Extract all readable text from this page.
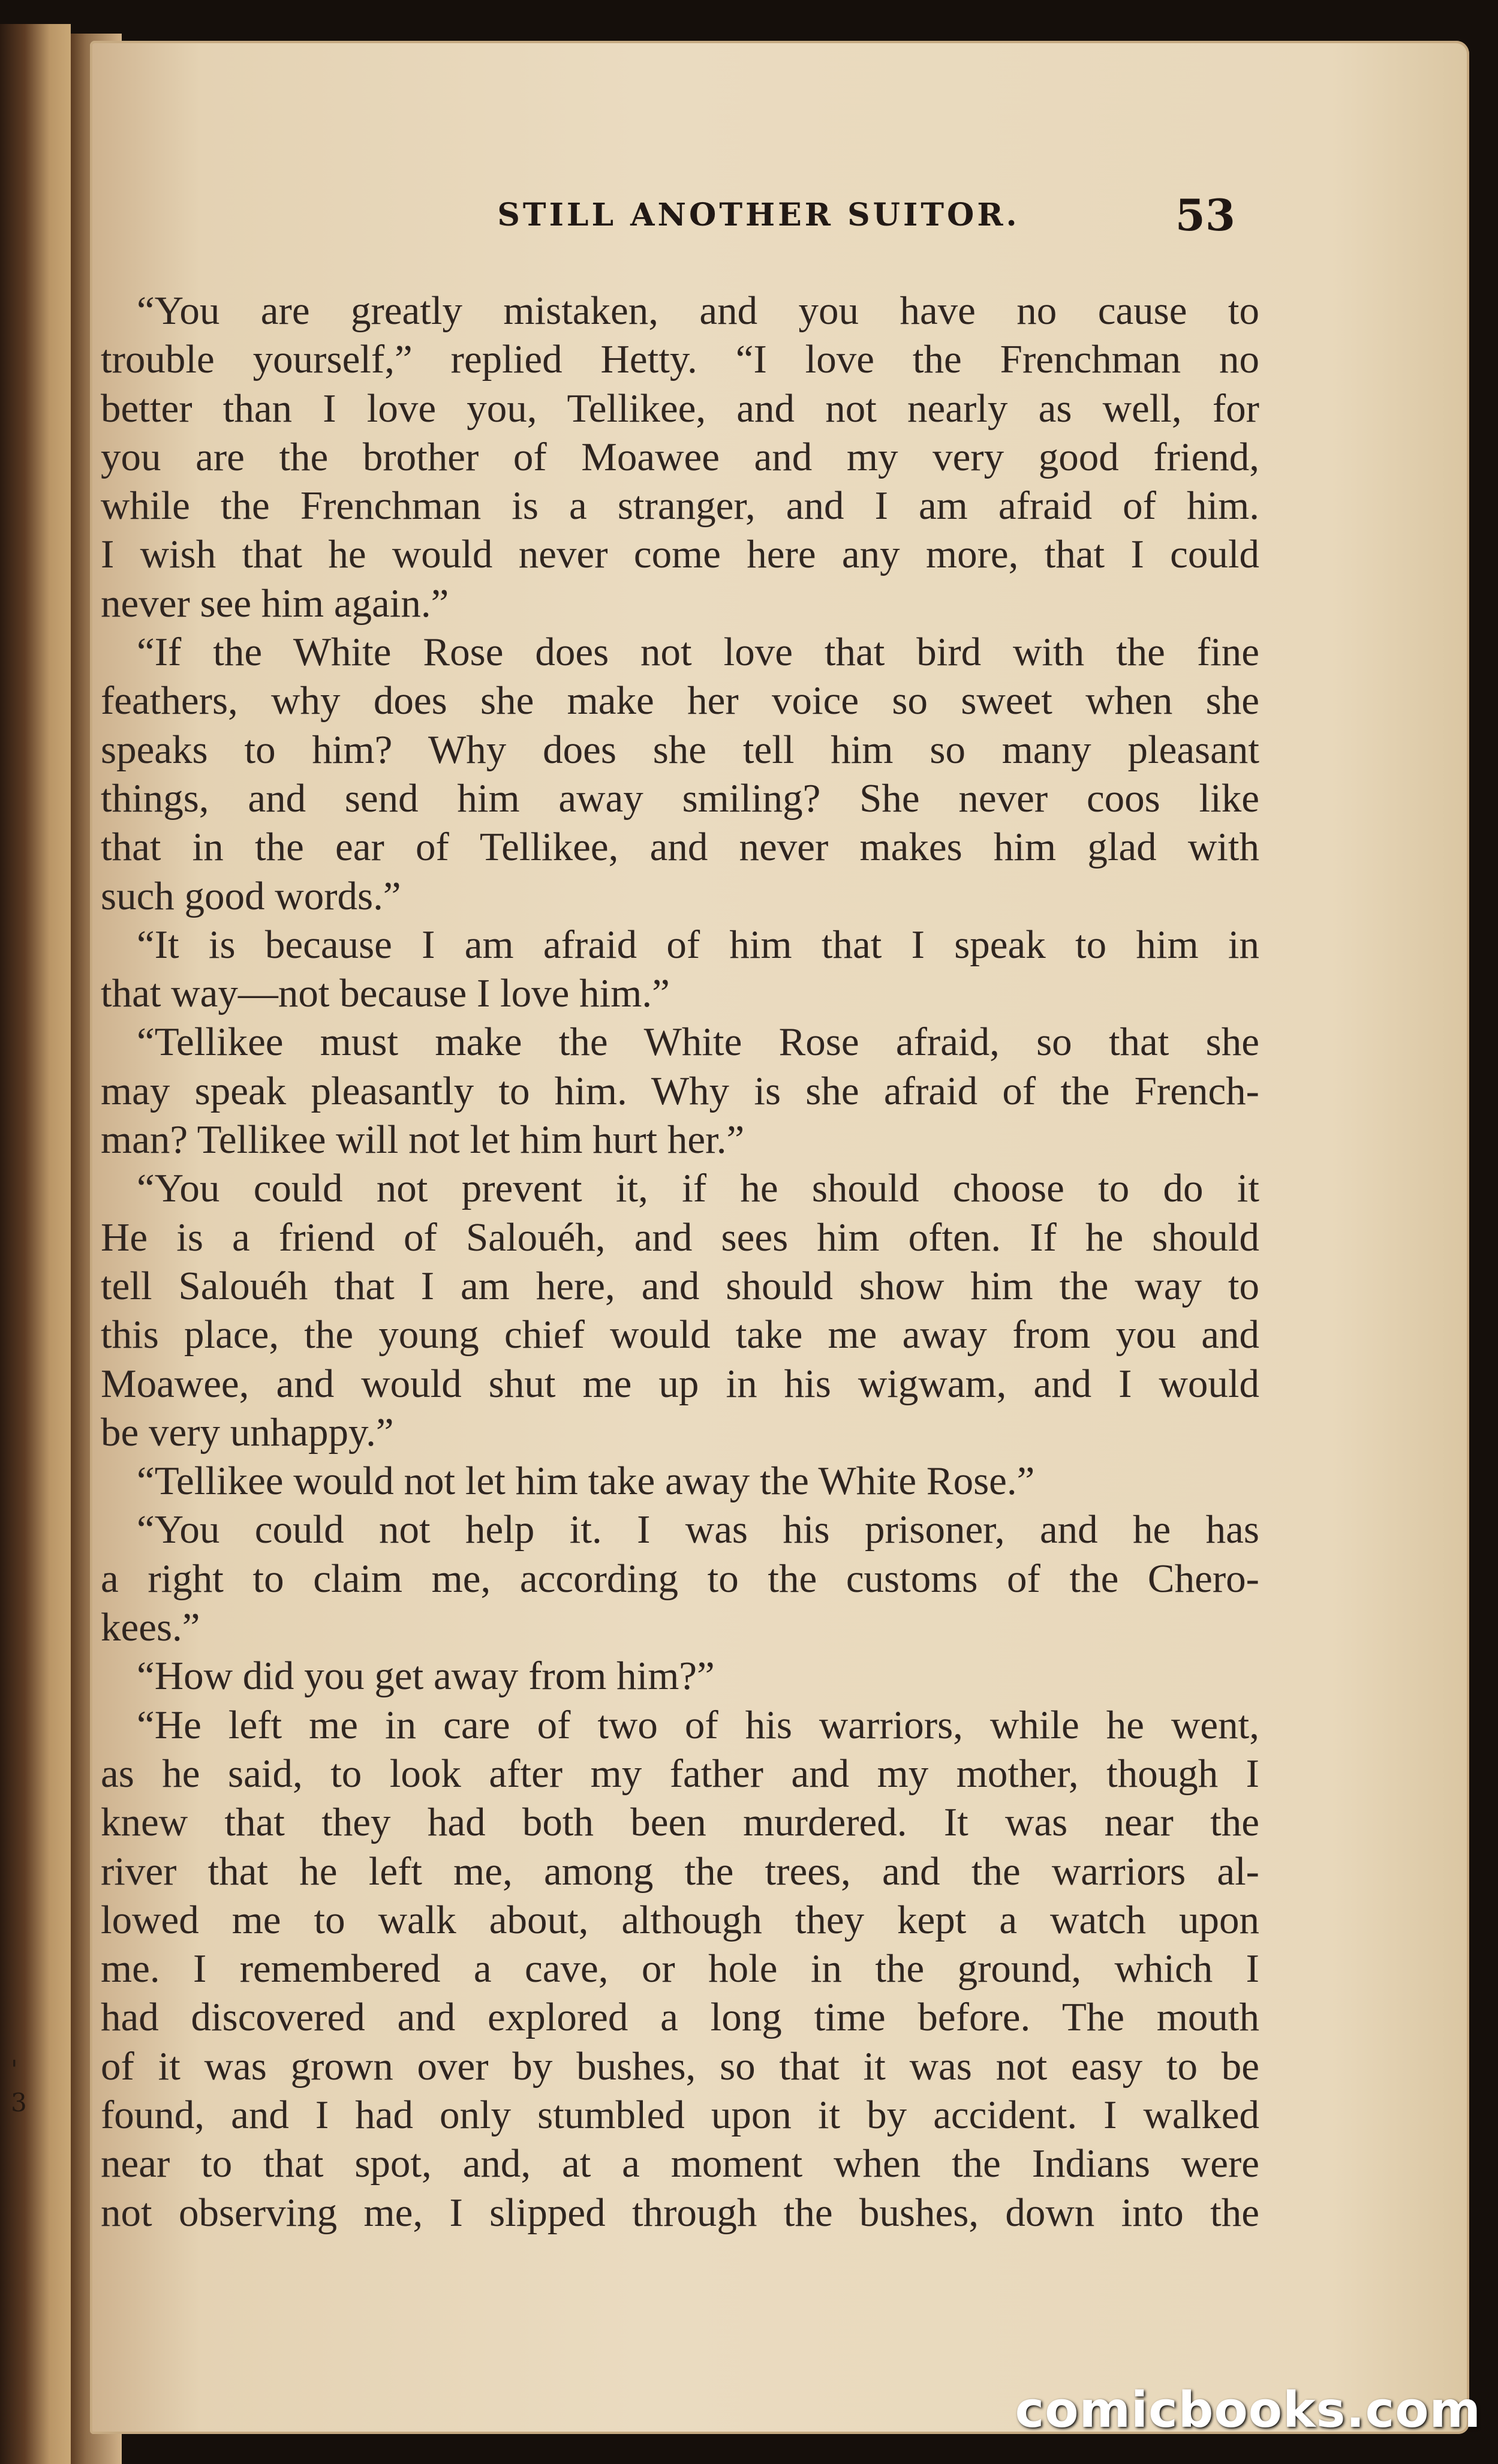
'
3
STILL ANOTHER SUITOR.	53
“You are greatly mistaken, and you have no cause to
trouble yourself,” replied Hetty. “I love the Frenchman no
better than I love you, Tellikee, and not nearly as well, for
you are the brother of Moawee and my very good friend,
while the Frenchman is a stranger, and I am afraid of him.
I wish that he would never come here any more, that I could
never see him again.”
“If the White Rose does not love that bird with the fine
feathers, why does she make her voice so sweet when she
speaks to him? Why does she tell him so many pleasant
things, and send him away smiling? She never coos like
that in the ear of Tellikee, and never makes him glad with
such good words.”
“It is because I am afraid of him that I speak to him in
that way—not because I love him.”
“Tellikee must make the White Rose afraid, so that she
may speak pleasantly to him. Why is she afraid of the French-
man? Tellikee will not let him hurt her.”
“You could not prevent it, if he should choose to do it
He is a friend of Salouéh, and sees him often. If he should
tell Salouéh that I am here, and should show him the way to
this place, the young chief would take me away from you and
Moawee, and would shut me up in his wigwam, and I would
be very unhappy.”
“Tellikee would not let him take away the White Rose.”
“You could not help it. I was his prisoner, and he has
a right to claim me, according to the customs of the Chero-
kees.”
“How did you get away from him?”
“He left me in care of two of his warriors, while he went,
as he said, to look after my father and my mother, though I
knew that they had both been murdered. It was near the
river that he left me, among the trees, and the warriors al-
lowed me to walk about, although they kept a watch upon
me. I remembered a cave, or hole in the ground, which I
had discovered and explored a long time before. The mouth
of it was grown over by bushes, so that it was not easy to be
found, and I had only stumbled upon it by accident. I walked
near to that spot, and, at a moment when the Indians were
not observing me, I slipped through the bushes, down into the
comicbooks.com
